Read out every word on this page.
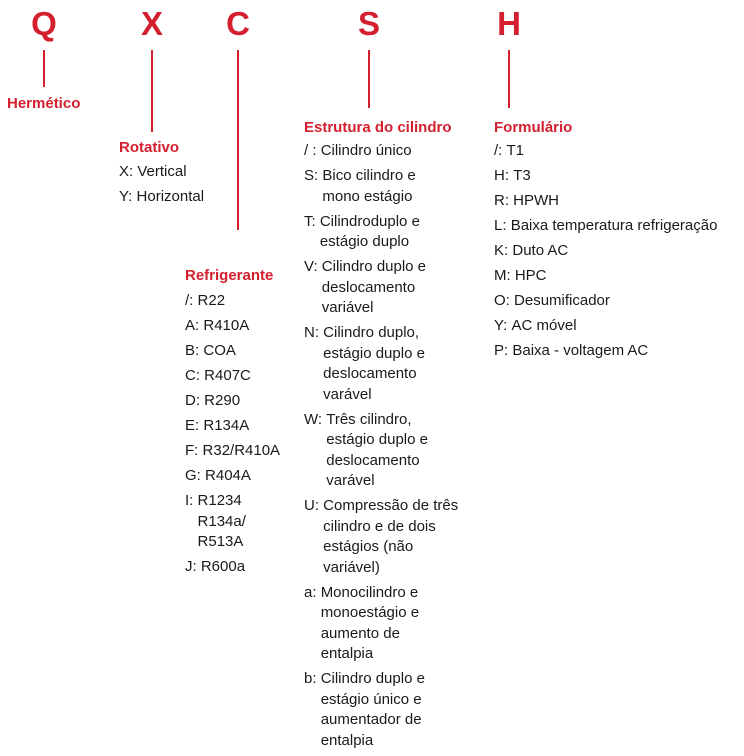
Q	X C	S	H
Hermético
Rotativo
X:
Vertical
Y:
Horizontal
Refrigerante
/:
R22
A:
R410A
B:
COA
C:
R407C
D:
R290
E:
R134A
F:
R32/R410A
G:
R404A
I:
R1234 R134a/ R513A
J:
R600a
Estrutura do cilindro
/ :
Cilindro único
S:
Bico cilindro e mono estágio
T:
Cilindroduplo e estágio duplo
V:
Cilindro duplo e deslocamento variável
N:
Cilindro duplo, estágio duplo e deslocamento varável
W:
Três cilindro, estágio duplo e deslocamento varável
U:
Compressão de três cilindro e de dois estágios (não variável)
a:
Monocilindro e monoestágio e aumento de entalpia
b:
Cilindro duplo e estágio único e aumentador de entalpia
Formulário
/:
T1
H:
T3
R:
HPWH
L:
Baixa temperatura refrigeração
K:
Duto AC
M:
HPC
O:
Desumificador
Y:
AC móvel
P:
Baixa - voltagem AC
